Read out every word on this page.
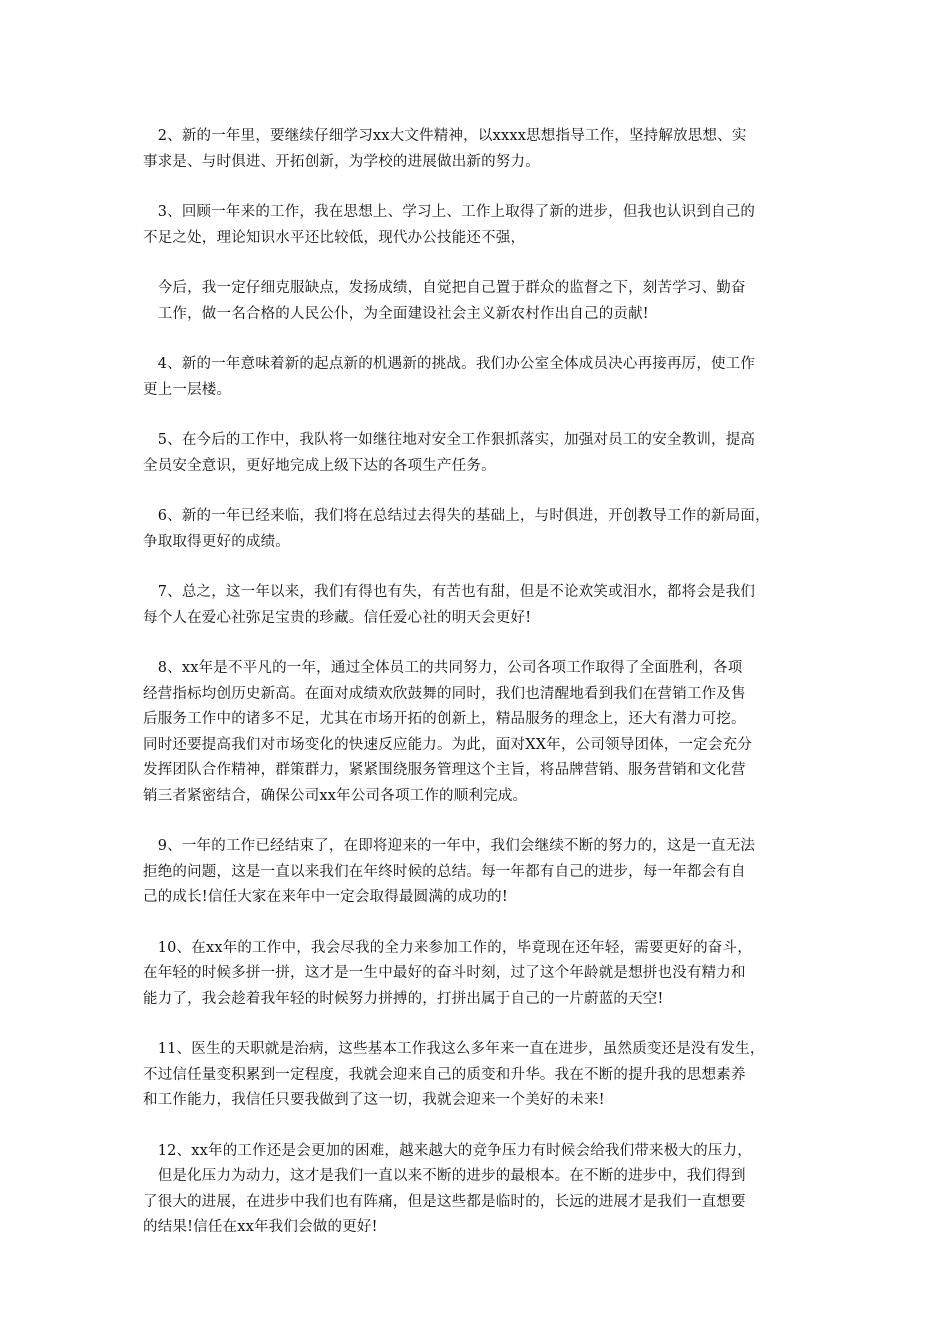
　2、新的一年里，要继续仔细学习xx大文件精神，以xxxx思想指导工作，坚持解放思想、实
事求是、与时俱进、开拓创新，为学校的进展做出新的努力。
　3、回顾一年来的工作，我在思想上、学习上、工作上取得了新的进步，但我也认识到自己的
不足之处，理论知识水平还比较低，现代办公技能还不强，
　今后，我一定仔细克服缺点，发扬成绩，自觉把自己置于群众的监督之下，刻苦学习、勤奋
　工作，做一名合格的人民公仆，为全面建设社会主义新农村作出自己的贡献!
　4、新的一年意味着新的起点新的机遇新的挑战。我们办公室全体成员决心再接再厉，使工作
更上一层楼。
　5、在今后的工作中，我队将一如继往地对安全工作狠抓落实，加强对员工的安全教训，提高
全员安全意识，更好地完成上级下达的各项生产任务。
　6、新的一年已经来临，我们将在总结过去得失的基础上，与时俱进，开创教导工作的新局面，
争取取得更好的成绩。
　7、总之，这一年以来，我们有得也有失，有苦也有甜，但是不论欢笑或泪水，都将会是我们
每个人在爱心社弥足宝贵的珍藏。信任爱心社的明天会更好!
　8、xx年是不平凡的一年，通过全体员工的共同努力，公司各项工作取得了全面胜利，各项
经营指标均创历史新高。在面对成绩欢欣鼓舞的同时，我们也清醒地看到我们在营销工作及售
后服务工作中的诸多不足，尤其在市场开拓的创新上，精品服务的理念上，还大有潜力可挖。
同时还要提高我们对市场变化的快速反应能力。为此，面对XX年，公司领导团体，一定会充分
发挥团队合作精神，群策群力，紧紧围绕服务管理这个主旨，将品牌营销、服务营销和文化营
销三者紧密结合，确保公司xx年公司各项工作的顺利完成。
　9、一年的工作已经结束了，在即将迎来的一年中，我们会继续不断的努力的，这是一直无法
拒绝的问题，这是一直以来我们在年终时候的总结。每一年都有自己的进步，每一年都会有自
己的成长!信任大家在来年中一定会取得最圆满的成功的!
　10、在xx年的工作中，我会尽我的全力来参加工作的，毕竟现在还年轻，需要更好的奋斗，
在年轻的时候多拼一拼，这才是一生中最好的奋斗时刻，过了这个年龄就是想拼也没有精力和
能力了，我会趁着我年轻的时候努力拼搏的，打拼出属于自己的一片蔚蓝的天空!
　11、医生的天职就是治病，这些基本工作我这么多年来一直在进步，虽然质变还是没有发生，
不过信任量变积累到一定程度，我就会迎来自己的质变和升华。我在不断的提升我的思想素养
和工作能力，我信任只要我做到了这一切，我就会迎来一个美好的未来!
　12、xx年的工作还是会更加的困难，越来越大的竞争压力有时候会给我们带来极大的压力，
　但是化压力为动力，这才是我们一直以来不断的进步的最根本。在不断的进步中，我们得到
了很大的进展，在进步中我们也有阵痛，但是这些都是临时的，长远的进展才是我们一直想要
的结果!信任在xx年我们会做的更好!
